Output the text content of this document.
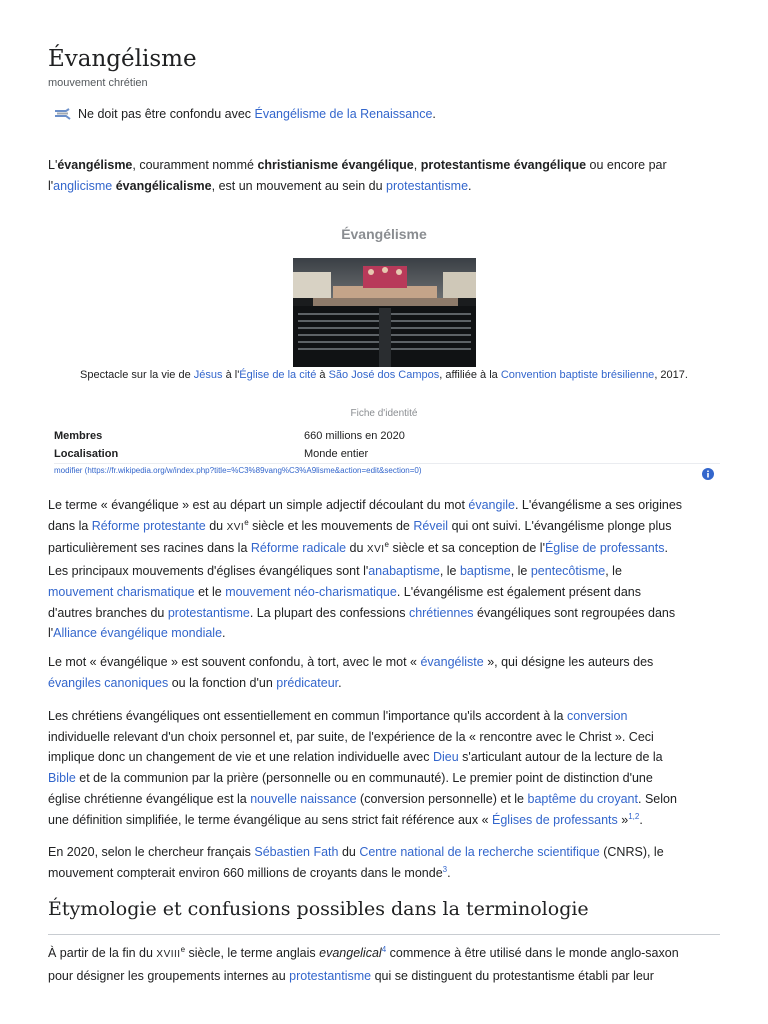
Évangélisme
mouvement chrétien
Ne doit pas être confondu avec
Évangélisme de la Renaissance .

L'évangélisme, couramment nommé christianisme évangélique, protestantisme évangélique ou encore par
l'anglicisme évangélicalisme, est un mouvement au sein du protestantisme.

Évangélisme
Spectacle sur la vie de Jésus à l'Église de la cité à São José dos Campos, affiliée à la Convention baptiste brésilienne, 2017.
Fiche d'identité
Membres	660 millions en 2020
Localisation	Monde entier
modifier (https://fr.wikipedia.org/w/index.php?title=%C3%89vang%C3%A9lisme&action=edit&section=0)

Le terme « évangélique » est au départ un simple adjectif découlant du mot évangile. L'évangélisme a ses origines
dans la Réforme protestante du XVIe siècle et les mouvements de Réveil qui ont suivi. L'évangélisme plonge plus
particulièrement ses racines dans la Réforme radicale du XVIe siècle et sa conception de l'Église de professants.
Les principaux mouvements d'églises évangéliques sont l'anabaptisme, le baptisme, le pentecôtisme, le
mouvement charismatique et le mouvement néo-charismatique. L'évangélisme est également présent dans
d'autres branches du protestantisme. La plupart des confessions chrétiennes évangéliques sont regroupées dans
l'Alliance évangélique mondiale.

Le mot « évangélique » est souvent confondu, à tort, avec le mot « évangéliste », qui désigne les auteurs des
évangiles canoniques ou la fonction d'un prédicateur.

Les chrétiens évangéliques ont essentiellement en commun l'importance qu'ils accordent à la conversion
individuelle relevant d'un choix personnel et, par suite, de l'expérience de la « rencontre avec le Christ ». Ceci
implique donc un changement de vie et une relation individuelle avec Dieu s'articulant autour de la lecture de la
Bible et de la communion par la prière (personnelle ou en communauté). Le premier point de distinction d'une
église chrétienne évangélique est la nouvelle naissance (conversion personnelle) et le baptême du croyant. Selon
une définition simplifiée, le terme évangélique au sens strict fait référence aux « Églises de professants »$^{1,2}$.

En 2020, selon le chercheur français Sébastien Fath du Centre national de la recherche scientifique (CNRS), le
mouvement compterait environ 660 millions de croyants dans le monde$^3$.

Étymologie et confusions possibles dans la terminologie

À partir de la fin du XVIIIe siècle, le terme anglais evangelical$^4$ commence à être utilisé dans le monde anglo-saxon
pour désigner les groupements internes au protestantisme qui se distinguent du protestantisme établi par leur
